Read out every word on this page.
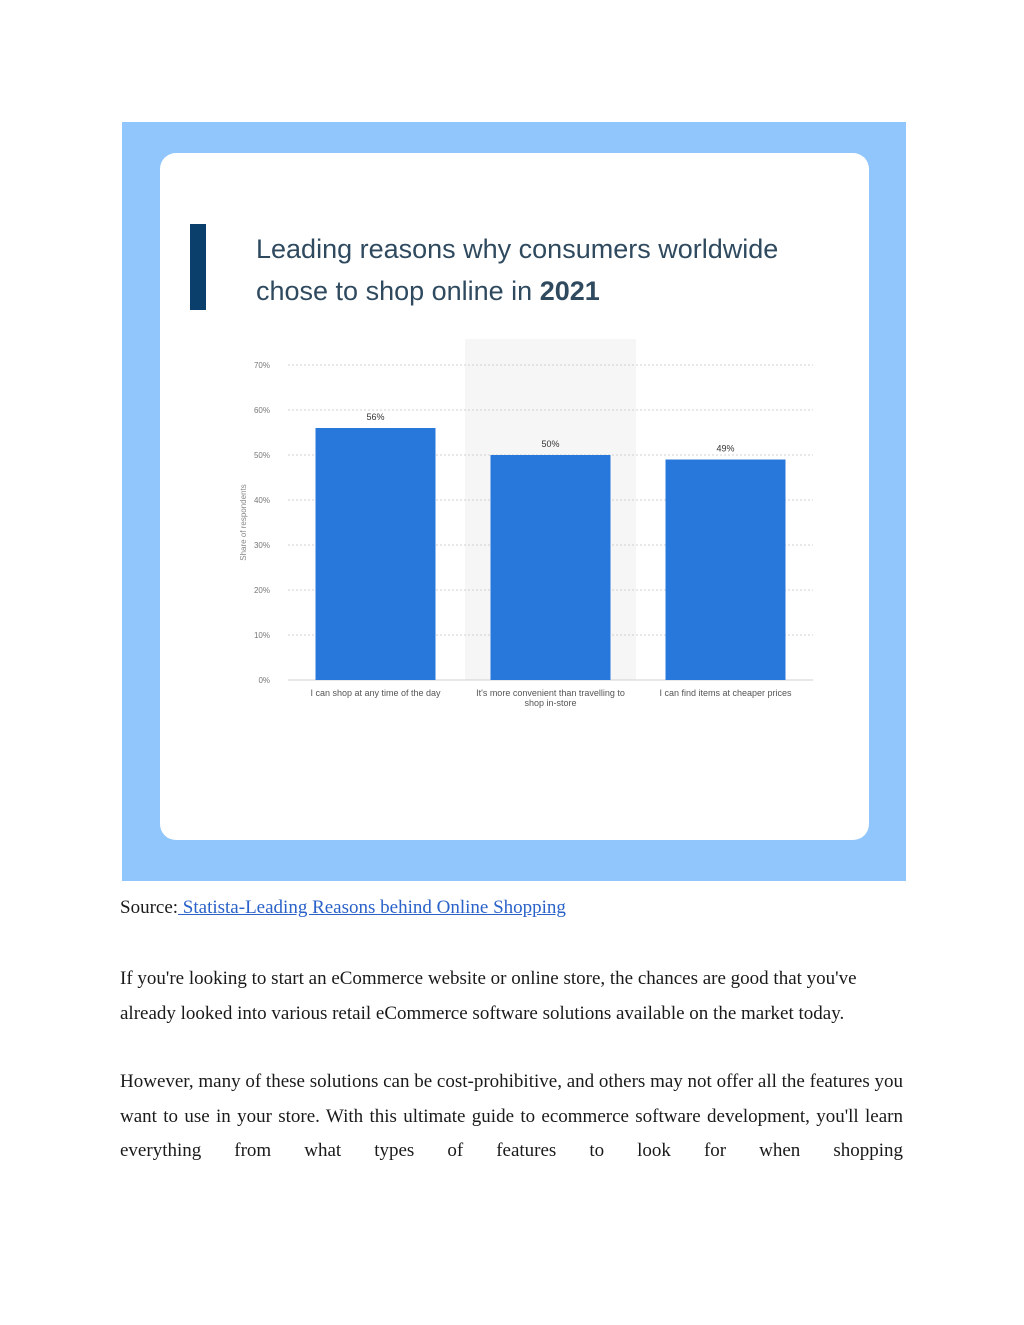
Leading reasons why consumers worldwide
chose to shop online in 2021
0%
10%
20%
30%
40%
50%
60%
70%
Share of respondents
56%
I can shop at any time of the day
50%
It's more convenient than travelling to
shop in-store
49%
I can find items at cheaper prices
Source: Statista-Leading Reasons behind Online Shopping

If you're looking to start an eCommerce website or online store, the chances are good that you've already looked into various retail eCommerce software solutions available on the market today.

However, many of these solutions can be cost-prohibitive, and others may not offer all the features you want to use in your store. With this ultimate guide to ecommerce software development, you'll learn everything from what types of features to look for when shopping
